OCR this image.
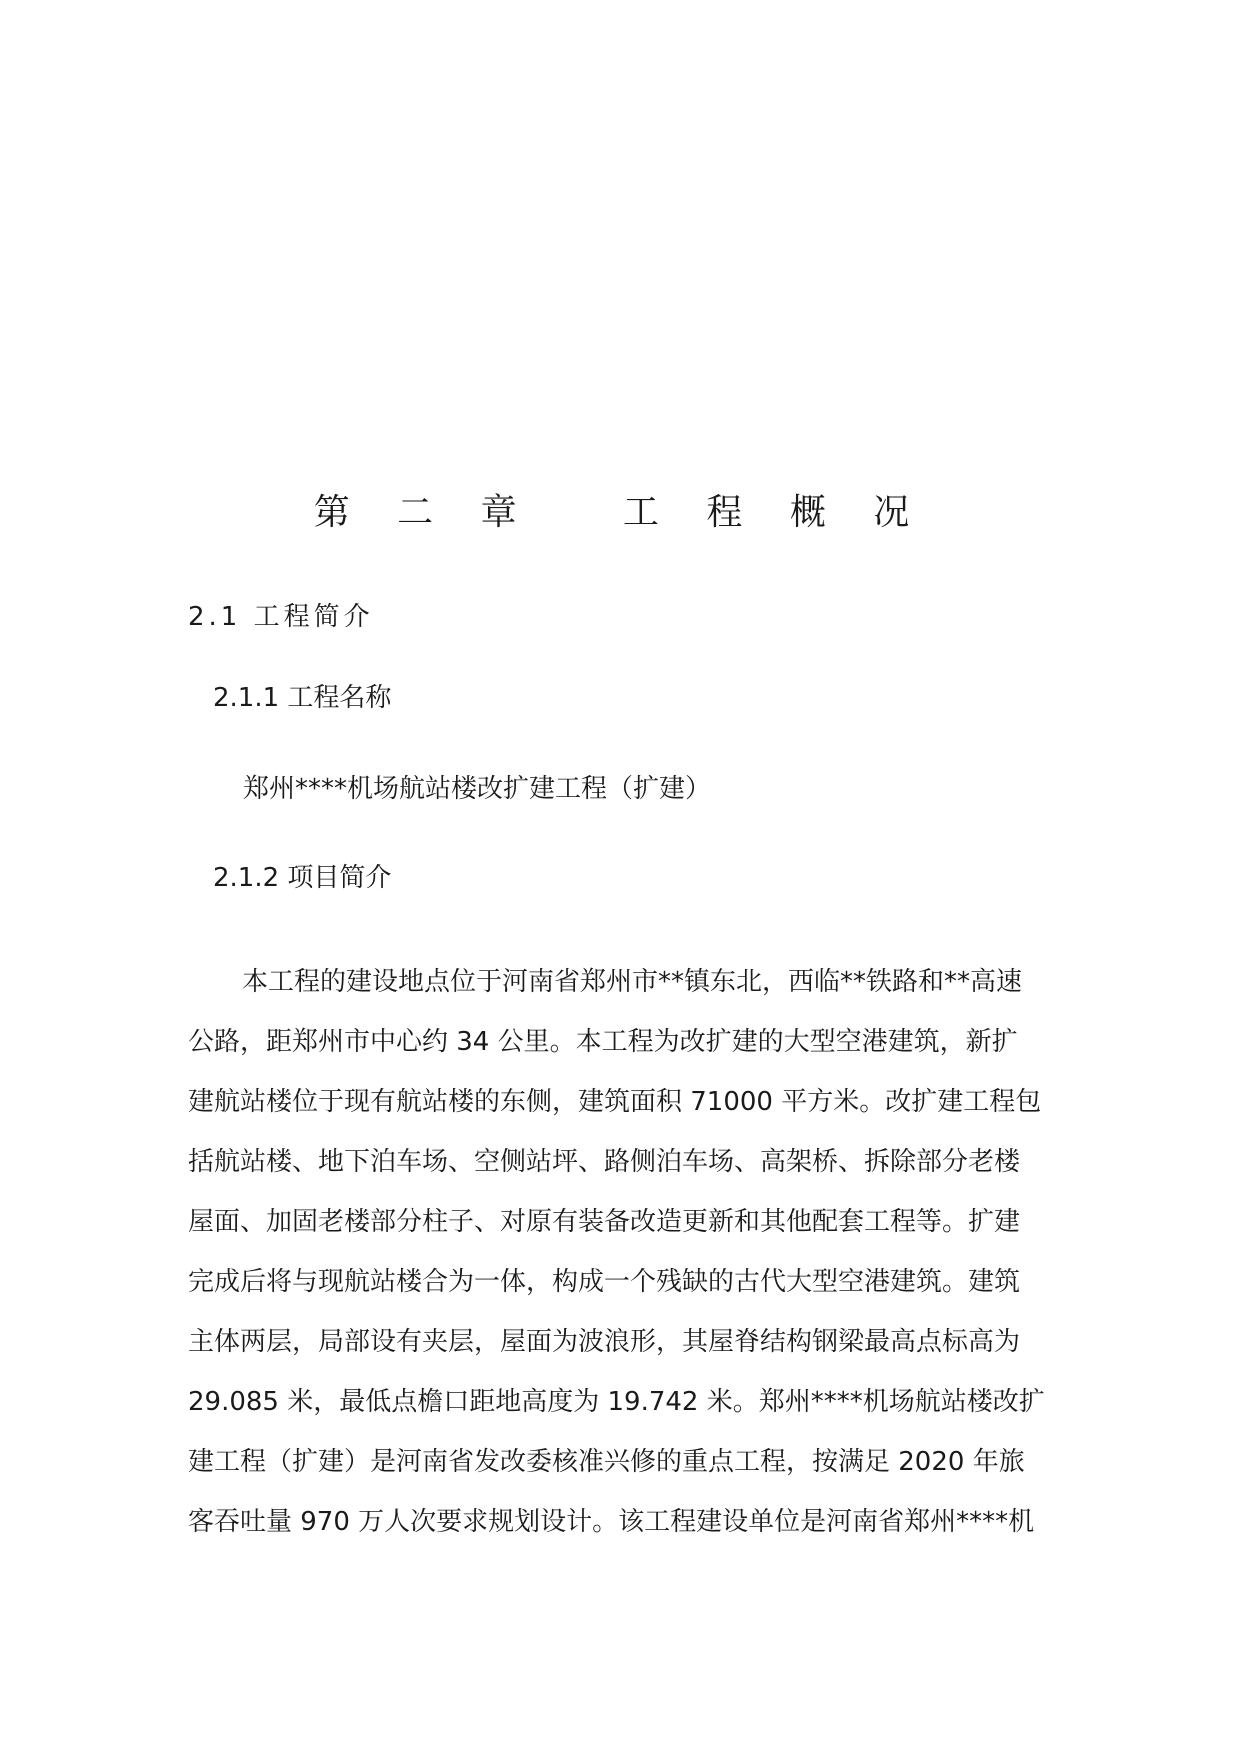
第 二 章   工 程 概 况
2.1 工程简介
2.1.1 工程名称
郑州****机场航站楼改扩建工程（扩建）
2.1.2 项目简介
本工程的建设地点位于河南省郑州市**镇东北，西临**铁路和**高速
公路，距郑州市中心约 34 公里。本工程为改扩建的大型空港建筑，新扩
建航站楼位于现有航站楼的东侧，建筑面积 71000 平方米。改扩建工程包
括航站楼、地下泊车场、空侧站坪、路侧泊车场、高架桥、拆除部分老楼
屋面、加固老楼部分柱子、对原有装备改造更新和其他配套工程等。扩建
完成后将与现航站楼合为一体，构成一个残缺的古代大型空港建筑。建筑
主体两层，局部设有夹层，屋面为波浪形，其屋脊结构钢梁最高点标高为
29.085 米，最低点檐口距地高度为 19.742 米。郑州****机场航站楼改扩
建工程（扩建）是河南省发改委核准兴修的重点工程，按满足 2020 年旅
客吞吐量 970 万人次要求规划设计。该工程建设单位是河南省郑州****机
